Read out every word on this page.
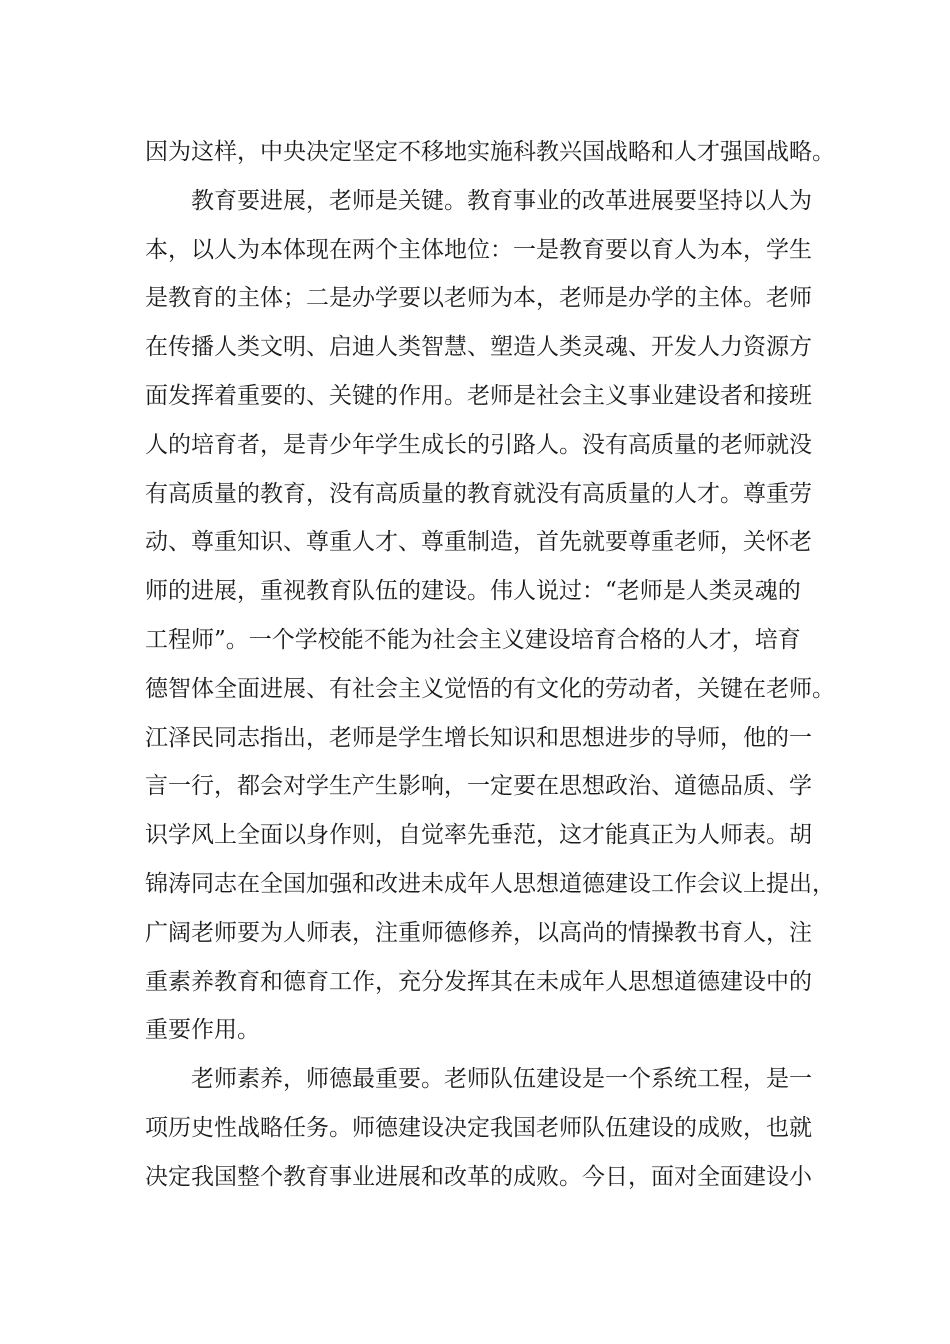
因为这样，中央决定坚定不移地实施科教兴国战略和人才强国战略。
教育要进展，老师是关键。教育事业的改革进展要坚持以人为
本，以人为本体现在两个主体地位：一是教育要以育人为本，学生
是教育的主体；二是办学要以老师为本，老师是办学的主体。老师
在传播人类文明、启迪人类智慧、塑造人类灵魂、开发人力资源方
面发挥着重要的、关键的作用。老师是社会主义事业建设者和接班
人的培育者，是青少年学生成长的引路人。没有高质量的老师就没
有高质量的教育，没有高质量的教育就没有高质量的人才。尊重劳
动、尊重知识、尊重人才、尊重制造，首先就要尊重老师，关怀老
师的进展，重视教育队伍的建设。伟人说过：“老师是人类灵魂的
工程师”。一个学校能不能为社会主义建设培育合格的人才，培育
德智体全面进展、有社会主义觉悟的有文化的劳动者，关键在老师。
江泽民同志指出，老师是学生增长知识和思想进步的导师，他的一
言一行，都会对学生产生影响，一定要在思想政治、道德品质、学
识学风上全面以身作则，自觉率先垂范，这才能真正为人师表。胡
锦涛同志在全国加强和改进未成年人思想道德建设工作会议上提出，
广阔老师要为人师表，注重师德修养，以高尚的情操教书育人，注
重素养教育和德育工作，充分发挥其在未成年人思想道德建设中的
重要作用。
老师素养，师德最重要。老师队伍建设是一个系统工程，是一
项历史性战略任务。师德建设决定我国老师队伍建设的成败，也就
决定我国整个教育事业进展和改革的成败。今日，面对全面建设小
